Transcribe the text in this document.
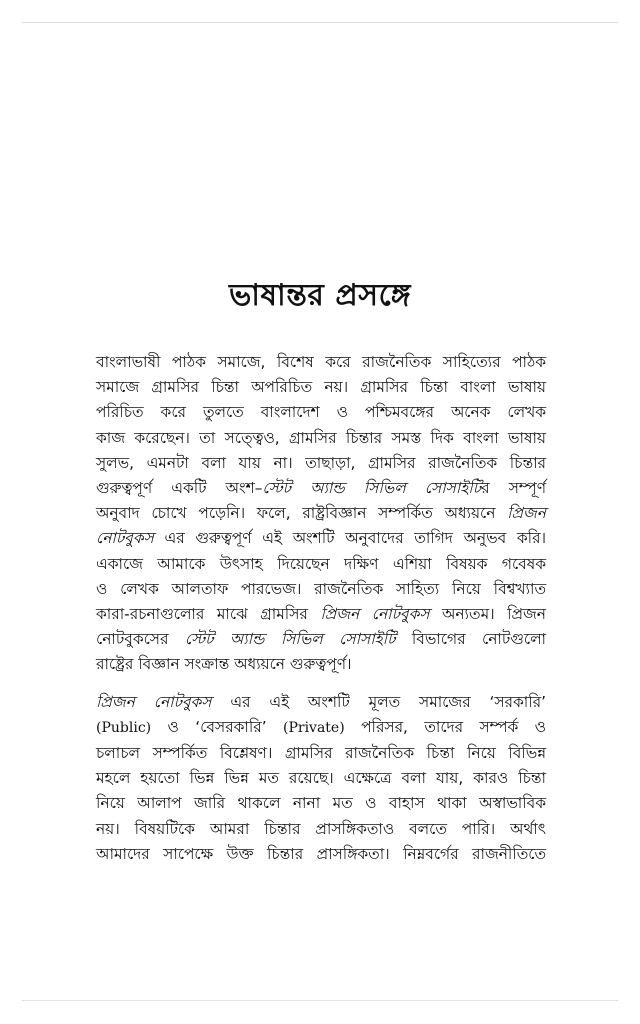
ভাষান্তর প্রসঙ্গে
বাংলাভাষী পাঠক সমাজে, বিশেষ করে রাজনৈতিক সাহিত্যের পাঠক
সমাজে গ্রামসির চিন্তা অপরিচিত নয়। গ্রামসির চিন্তা বাংলা ভাষায়
পরিচিত করে তুলতে বাংলাদেশ ও পশ্চিমবঙ্গের অনেক লেখক
কাজ করেছেন। তা সত্ত্বেও, গ্রামসির চিন্তার সমস্ত দিক বাংলা ভাষায়
সুলভ, এমনটা বলা যায় না। তাছাড়া, গ্রামসির রাজনৈতিক চিন্তার
গুরুত্বপূর্ণ একটি অংশ–স্টেট অ্যান্ড সিভিল সোসাইটির সম্পূর্ণ
অনুবাদ চোখে পড়েনি। ফলে, রাষ্ট্রবিজ্ঞান সম্পর্কিত অধ্যয়নে প্রিজন
নোটবুকস এর গুরুত্বপূর্ণ এই অংশটি অনুবাদের তাগিদ অনুভব করি।
একাজে আমাকে উৎসাহ দিয়েছেন দক্ষিণ এশিয়া বিষয়ক গবেষক
ও লেখক আলতাফ পারভেজ। রাজনৈতিক সাহিত্য নিয়ে বিশ্বখ্যাত
কারা-রচনাগুলোর মাঝে গ্রামসির প্রিজন নোটবুকস অন্যতম। প্রিজন
নোটবুকসের স্টেট অ্যান্ড সিভিল সোসাইটি বিভাগের নোটগুলো
রাষ্ট্রের বিজ্ঞান সংক্রান্ত অধ্যয়নে গুরুত্বপূর্ণ।
প্রিজন নোটবুকস এর এই অংশটি মূলত সমাজের ‘সরকারি’
(Public) ও ‘বেসরকারি’ (Private) পরিসর, তাদের সম্পর্ক ও
চলাচল সম্পর্কিত বিশ্লেষণ। গ্রামসির রাজনৈতিক চিন্তা নিয়ে বিভিন্ন
মহলে হয়তো ভিন্ন ভিন্ন মত রয়েছে। এক্ষেত্রে বলা যায়, কারও চিন্তা
নিয়ে আলাপ জারি থাকলে নানা মত ও বাহাস থাকা অস্বাভাবিক
নয়। বিষয়টিকে আমরা চিন্তার প্রাসঙ্গিকতাও বলতে পারি। অর্থাৎ
আমাদের সাপেক্ষে উক্ত চিন্তার প্রাসঙ্গিকতা। নিম্নবর্গের রাজনীতিতে
